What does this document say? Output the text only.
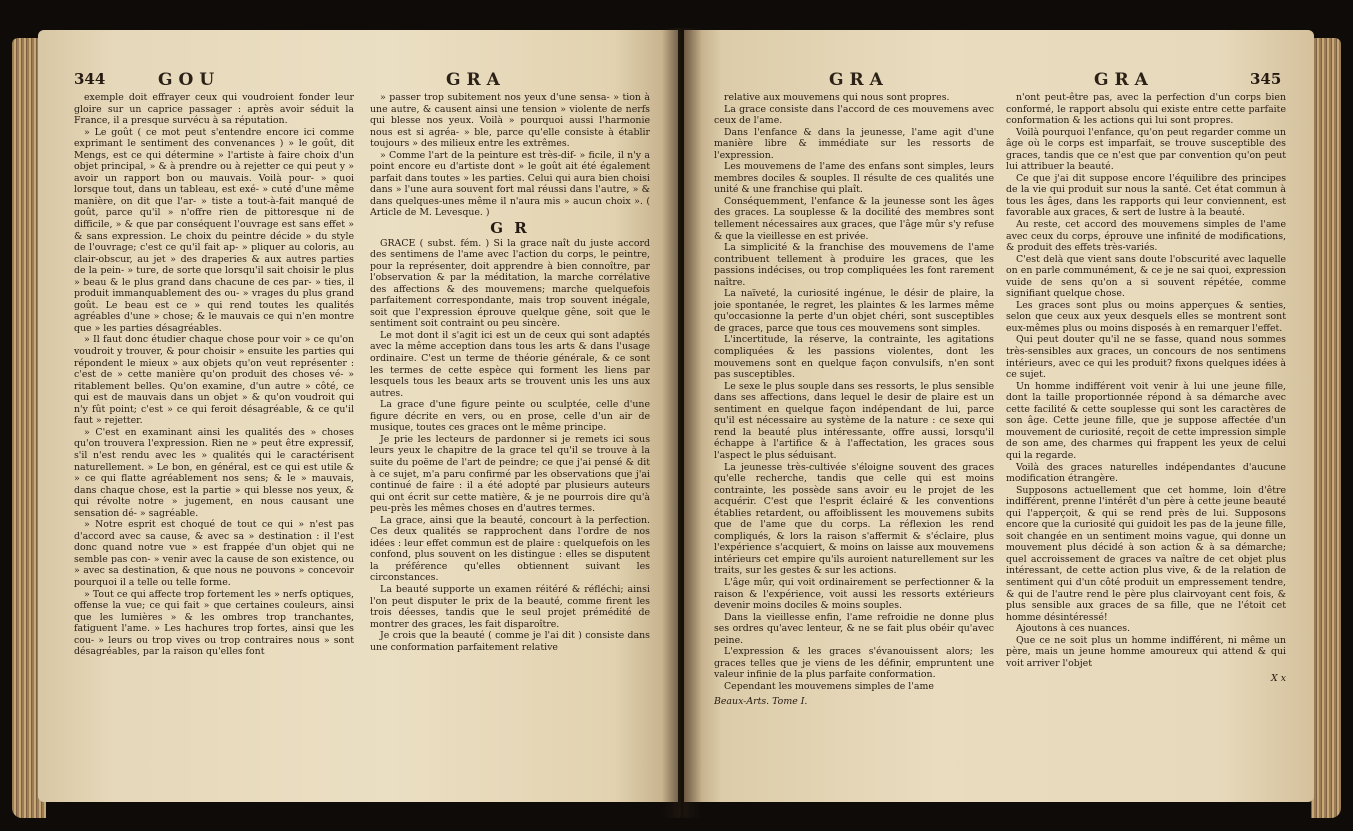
344	GOU	GRA

exemple doit effrayer ceux qui voudroient fonder leur gloire sur un caprice passager : après avoir séduit la France, il a presque survécu à sa réputation.

» Le goût ( ce mot peut s'entendre encore ici comme exprimant le sentiment des convenances ) » le goût, dit Mengs, est ce qui détermine » l'artiste à faire choix d'un objet principal, » & à prendre ou à rejetter ce qui peut y » avoir un rapport bon ou mauvais. Voilà pour- » quoi lorsque tout, dans un tableau, est exé- » cuté d'une même manière, on dit que l'ar- » tiste a tout-à-fait manqué de goût, parce qu'il » n'offre rien de pittoresque ni de difficile, » & que par conséquent l'ouvrage est sans effet » & sans expression. Le choix du peintre décide » du style de l'ouvrage; c'est ce qu'il fait ap- » pliquer au coloris, au clair-obscur, au jet » des draperies & aux autres parties de la pein- » ture, de sorte que lorsqu'il sait choisir le plus » beau & le plus grand dans chacune de ces par- » ties, il produit immanquablement des ou- » vrages du plus grand goût. Le beau est ce » qui rend toutes les qualités agréables d'une » chose; & le mauvais ce qui n'en montre que » les parties désagréables.

» Il faut donc étudier chaque chose pour voir » ce qu'on voudroit y trouver, & pour choisir » ensuite les parties qui répondent le mieux » aux objets qu'on veut représenter : c'est de » cette manière qu'on produit des choses vé- » ritablement belles. Qu'on examine, d'un autre » côté, ce qui est de mauvais dans un objet » & qu'on voudroit qui n'y fût point; c'est » ce qui feroit désagréable, & ce qu'il faut » rejetter.

» C'est en examinant ainsi les qualités des » choses qu'on trouvera l'expression. Rien ne » peut être expressif, s'il n'est rendu avec les » qualités qui le caractérisent naturellement. » Le bon, en général, est ce qui est utile & » ce qui flatte agréablement nos sens; & le » mauvais, dans chaque chose, est la partie » qui blesse nos yeux, & qui révolte notre » jugement, en nous causant une sensation dé- » sagréable.

» Notre esprit est choqué de tout ce qui » n'est pas d'accord avec sa cause, & avec sa » destination : il l'est donc quand notre vue » est frappée d'un objet qui ne semble pas con- » venir avec la cause de son existence, ou » avec sa destination, & que nous ne pouvons » concevoir pourquoi il a telle ou telle forme.

» Tout ce qui affecte trop fortement les » nerfs optiques, offense la vue; ce qui fait » que certaines couleurs, ainsi que les lumières » & les ombres trop tranchantes, fatiguent l'ame. » Les hachures trop fortes, ainsi que les cou- » leurs ou trop vives ou trop contraires nous » sont désagréables, par la raison qu'elles font

» passer trop subitement nos yeux d'une sensa- » tion à une autre, & causent ainsi une tension » violente de nerfs qui blesse nos yeux. Voilà » pourquoi aussi l'harmonie nous est si agréa- » ble, parce qu'elle consiste à établir toujours » des milieux entre les extrêmes.

» Comme l'art de la peinture est très-dif- » ficile, il n'y a point encore eu d'artiste dont » le goût ait été également parfait dans toutes » les parties. Celui qui aura bien choisi dans » l'une aura souvent fort mal réussi dans l'autre, » & dans quelques-unes même il n'aura mis » aucun choix ». ( Article de M. Levesque. )

G R

GRACE ( subst. fém. ) Si la grace naît du juste accord des sentimens de l'ame avec l'action du corps, le peintre, pour la représenter, doit apprendre à bien connoître, par l'observation & par la méditation, la marche corrélative des affections & des mouvemens; marche quelquefois parfaitement correspondante, mais trop souvent inégale, soit que l'expression éprouve quelque gêne, soit que le sentiment soit contraint ou peu sincère.

Le mot dont il s'agit ici est un de ceux qui sont adaptés avec la même acception dans tous les arts & dans l'usage ordinaire. C'est un terme de théorie générale, & ce sont les termes de cette espèce qui forment les liens par lesquels tous les beaux arts se trouvent unis les uns aux autres.

La grace d'une figure peinte ou sculptée, celle d'une figure décrite en vers, ou en prose, celle d'un air de musique, toutes ces graces ont le même principe.

Je prie les lecteurs de pardonner si je remets ici sous leurs yeux le chapitre de la grace tel qu'il se trouve à la suite du poëme de l'art de peindre; ce que j'ai pensé & dit à ce sujet, m'a paru confirmé par les observations que j'ai continué de faire : il a été adopté par plusieurs auteurs qui ont écrit sur cette matière, & je ne pourrois dire qu'à peu-près les mêmes choses en d'autres termes.

La grace, ainsi que la beauté, concourt à la perfection. Ces deux qualités se rapprochent dans l'ordre de nos idées : leur effet commun est de plaire : quelquefois on les confond, plus souvent on les distingue : elles se disputent la préférence qu'elles obtiennent suivant les circonstances.

La beauté supporte un examen réitéré & réfléchi; ainsi l'on peut disputer le prix de la beauté, comme firent les trois déesses, tandis que le seul projet prémédité de montrer des graces, les fait disparoître.

Je crois que la beauté ( comme je l'ai dit ) consiste dans une conformation parfaitement relative

GRA	GRA	345

relative aux mouvemens qui nous sont propres.

La grace consiste dans l'accord de ces mouvemens avec ceux de l'ame.

Dans l'enfance & dans la jeunesse, l'ame agit d'une manière libre & immédiate sur les ressorts de l'expression.

Les mouvemens de l'ame des enfans sont simples, leurs membres dociles & souples. Il résulte de ces qualités une unité & une franchise qui plaît.

Conséquemment, l'enfance & la jeunesse sont les âges des graces. La souplesse & la docilité des membres sont tellement nécessaires aux graces, que l'âge mûr s'y refuse & que la vieillesse en est privée.

La simplicité & la franchise des mouvemens de l'ame contribuent tellement à produire les graces, que les passions indécises, ou trop compliquées les font rarement naître.

La naïveté, la curiosité ingénue, le désir de plaire, la joie spontanée, le regret, les plaintes & les larmes même qu'occasionne la perte d'un objet chéri, sont susceptibles de graces, parce que tous ces mouvemens sont simples.

L'incertitude, la réserve, la contrainte, les agitations compliquées & les passions violentes, dont les mouvemens sont en quelque façon convulsifs, n'en sont pas susceptibles.

Le sexe le plus souple dans ses ressorts, le plus sensible dans ses affections, dans lequel le desir de plaire est un sentiment en quelque façon indépendant de lui, parce qu'il est nécessaire au système de la nature : ce sexe qui rend la beauté plus intéressante, offre aussi, lorsqu'il échappe à l'artifice & à l'affectation, les graces sous l'aspect le plus séduisant.

La jeunesse très-cultivée s'éloigne souvent des graces qu'elle recherche, tandis que celle qui est moins contrainte, les possède sans avoir eu le projet de les acquérir. C'est que l'esprit éclairé & les conventions établies retardent, ou affoiblissent les mouvemens subits que de l'ame que du corps. La réflexion les rend compliqués, & lors la raison s'affermit & s'éclaire, plus l'expérience s'acquiert, & moins on laisse aux mouvemens intérieurs cet empire qu'ils auroient naturellement sur les traits, sur les gestes & sur les actions.

L'âge mûr, qui voit ordinairement se perfectionner & la raison & l'expérience, voit aussi les ressorts extérieurs devenir moins dociles & moins souples.

Dans la vieillesse enfin, l'ame refroidie ne donne plus ses ordres qu'avec lenteur, & ne se fait plus obéir qu'avec peine.

L'expression & les graces s'évanouissent alors; les graces telles que je viens de les définir, empruntent une valeur infinie de la plus parfaite conformation.

Cependant les mouvemens simples de l'ame

Beaux-Arts. Tome I.

n'ont peut-être pas, avec la perfection d'un corps bien conformé, le rapport absolu qui existe entre cette parfaite conformation & les actions qui lui sont propres.

Voilà pourquoi l'enfance, qu'on peut regarder comme un âge où le corps est imparfait, se trouve susceptible des graces, tandis que ce n'est que par convention qu'on peut lui attribuer la beauté.

Ce que j'ai dit suppose encore l'équilibre des principes de la vie qui produit sur nous la santé. Cet état commun à tous les âges, dans les rapports qui leur conviennent, est favorable aux graces, & sert de lustre à la beauté.

Au reste, cet accord des mouvemens simples de l'ame avec ceux du corps, éprouve une infinité de modifications, & produit des effets très-variés.

C'est delà que vient sans doute l'obscurité avec laquelle on en parle communément, & ce je ne sai quoi, expression vuide de sens qu'on a si souvent répétée, comme signifiant quelque chose.

Les graces sont plus ou moins apperçues & senties, selon que ceux aux yeux desquels elles se montrent sont eux-mêmes plus ou moins disposés à en remarquer l'effet.

Qui peut douter qu'il ne se fasse, quand nous sommes très-sensibles aux graces, un concours de nos sentimens intérieurs, avec ce qui les produit? fixons quelques idées à ce sujet.

Un homme indifférent voit venir à lui une jeune fille, dont la taille proportionnée répond à sa démarche avec cette facilité & cette souplesse qui sont les caractères de son âge. Cette jeune fille, que je suppose affectée d'un mouvement de curiosité, reçoit de cette impression simple de son ame, des charmes qui frappent les yeux de celui qui la regarde.

Voilà des graces naturelles indépendantes d'aucune modification étrangère.

Supposons actuellement que cet homme, loin d'être indifférent, prenne l'intérêt d'un père à cette jeune beauté qui l'apperçoit, & qui se rend près de lui. Supposons encore que la curiosité qui guidoit les pas de la jeune fille, soit changée en un sentiment moins vague, qui donne un mouvement plus décidé à son action & à sa démarche; quel accroissement de graces va naître de cet objet plus intéressant, de cette action plus vive, & de la relation de sentiment qui d'un côté produit un empressement tendre, & qui de l'autre rend le père plus clairvoyant cent fois, & plus sensible aux graces de sa fille, que ne l'étoit cet homme désintéressé!

Ajoutons à ces nuances.

Que ce ne soit plus un homme indifférent, ni même un père, mais un jeune homme amoureux qui attend & qui voit arriver l'objet

X x
